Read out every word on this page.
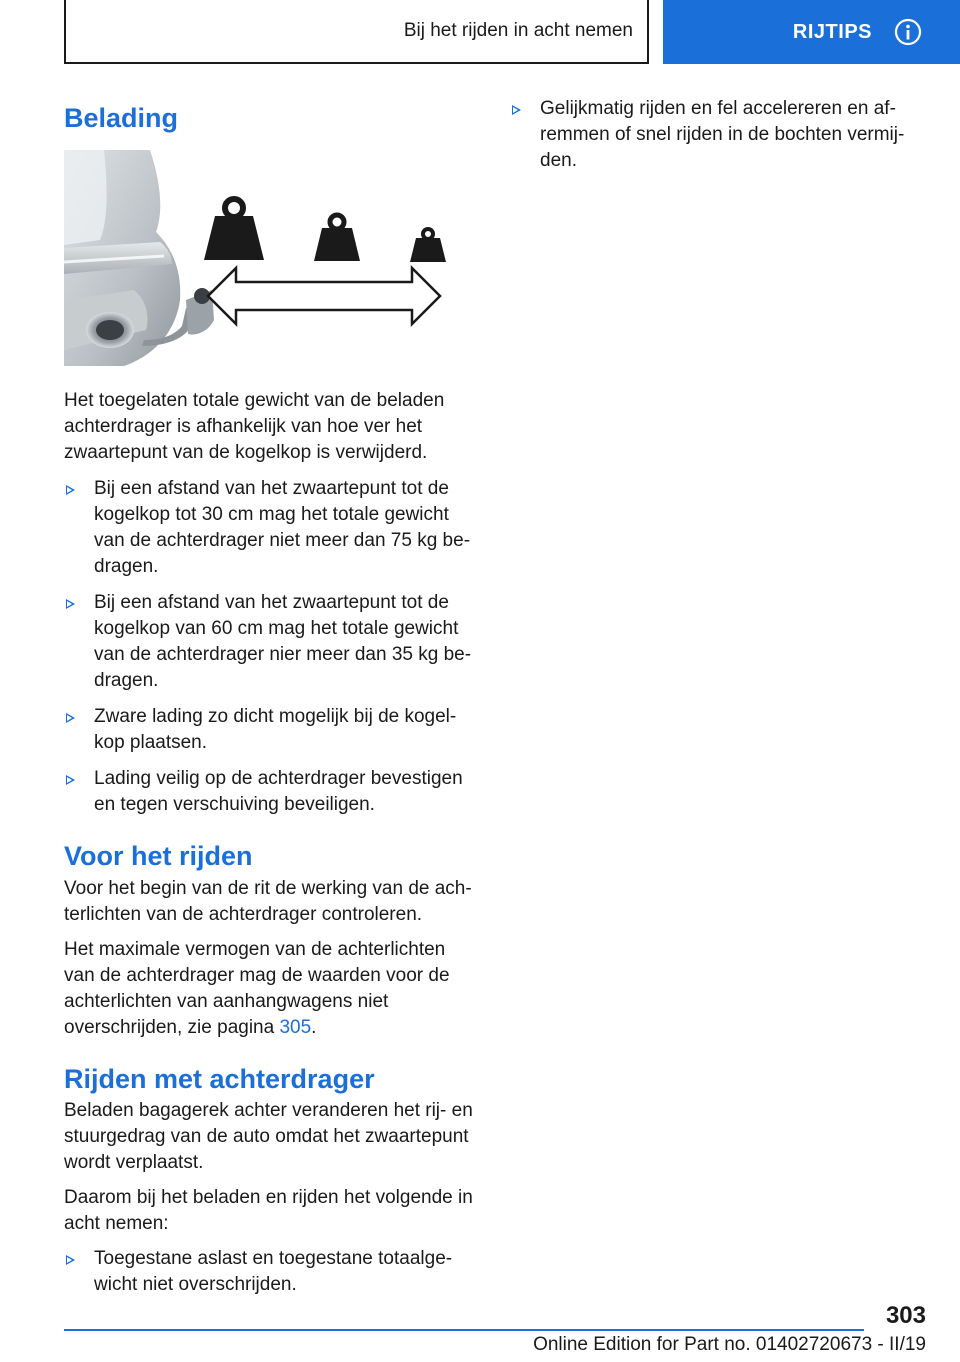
Bij het rijden in acht nemen	RIJTIPS
Belading

Het toegelaten totale gewicht van de beladen achterdrager is afhankelijk van hoe ver het zwaartepunt van de kogelkop is verwijderd.

Bij een afstand van het zwaartepunt tot de kogelkop tot 30 cm mag het totale gewicht van de achterdrager niet meer dan 75 kg bedragen.
Bij een afstand van het zwaartepunt tot de kogelkop van 60 cm mag het totale gewicht van de achterdrager nier meer dan 35 kg bedragen.
Zware lading zo dicht mogelijk bij de kogelkop plaatsen.
Lading veilig op de achterdrager bevestigen en tegen verschuiving beveiligen.
Voor het rijden

Voor het begin van de rit de werking van de achterlichten van de achterdrager controleren.

Het maximale vermogen van de achterlichten van de achterdrager mag de waarden voor de achterlichten van aanhangwagens niet overschrijden, zie pagina 305.

Rijden met achterdrager

Beladen bagagerek achter veranderen het rij- en stuurgedrag van de auto omdat het zwaartepunt wordt verplaatst.

Daarom bij het beladen en rijden het volgende in acht nemen:

Toegestane aslast en toegestane totaalgewicht niet overschrijden.
Gelijkmatig rijden en fel accelereren en afremmen of snel rijden in de bochten vermijden.
303
Online Edition for Part no. 01402720673 - II/19
